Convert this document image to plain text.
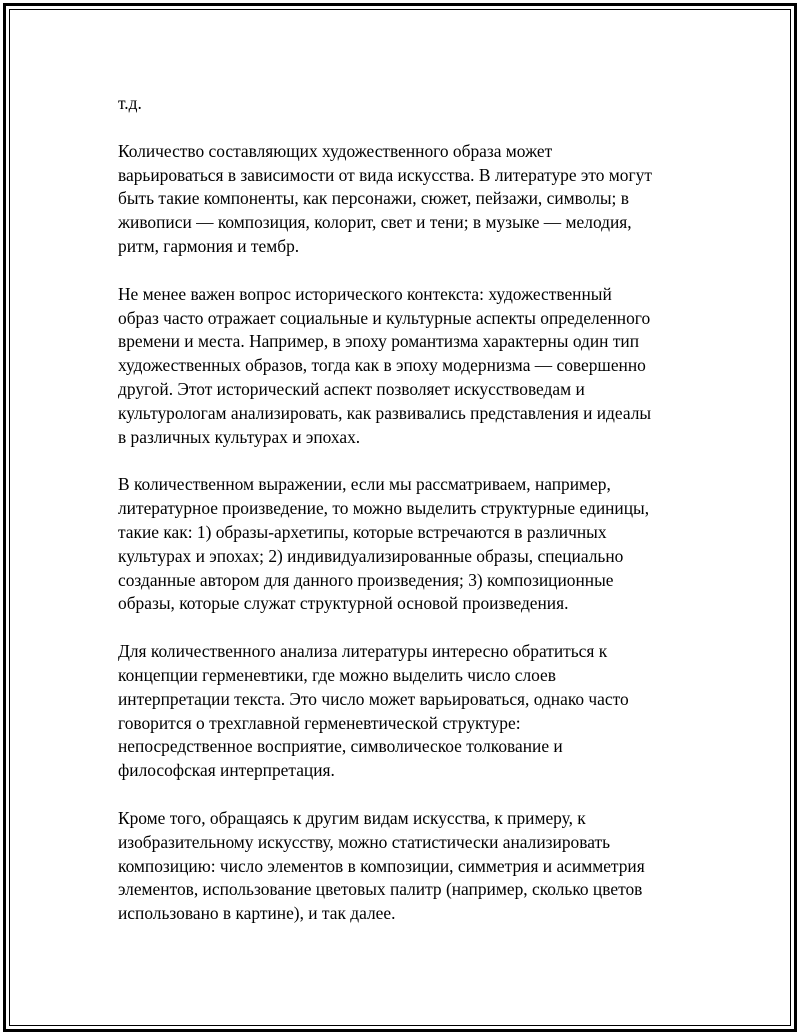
т.д.

Количество составляющих художественного образа может
варьироваться в зависимости от вида искусства. В литературе это могут
быть такие компоненты, как персонажи, сюжет, пейзажи, символы; в
живописи — композиция, колорит, свет и тени; в музыке — мелодия,
ритм, гармония и тембр.

Не менее важен вопрос исторического контекста: художественный
образ часто отражает социальные и культурные аспекты определенного
времени и места. Например, в эпоху романтизма характерны один тип
художественных образов, тогда как в эпоху модернизма — совершенно
другой. Этот исторический аспект позволяет искусствоведам и
культурологам анализировать, как развивались представления и идеалы
в различных культурах и эпохах.

В количественном выражении, если мы рассматриваем, например,
литературное произведение, то можно выделить структурные единицы,
такие как: 1) образы-архетипы, которые встречаются в различных
культурах и эпохах; 2) индивидуализированные образы, специально
созданные автором для данного произведения; 3) композиционные
образы, которые служат структурной основой произведения.

Для количественного анализа литературы интересно обратиться к
концепции герменевтики, где можно выделить число слоев
интерпретации текста. Это число может варьироваться, однако часто
говорится о трехглавной герменевтической структуре:
непосредственное восприятие, символическое толкование и
философская интерпретация.

Кроме того, обращаясь к другим видам искусства, к примеру, к
изобразительному искусству, можно статистически анализировать
композицию: число элементов в композиции, симметрия и асимметрия
элементов, использование цветовых палитр (например, сколько цветов
использовано в картине), и так далее.
